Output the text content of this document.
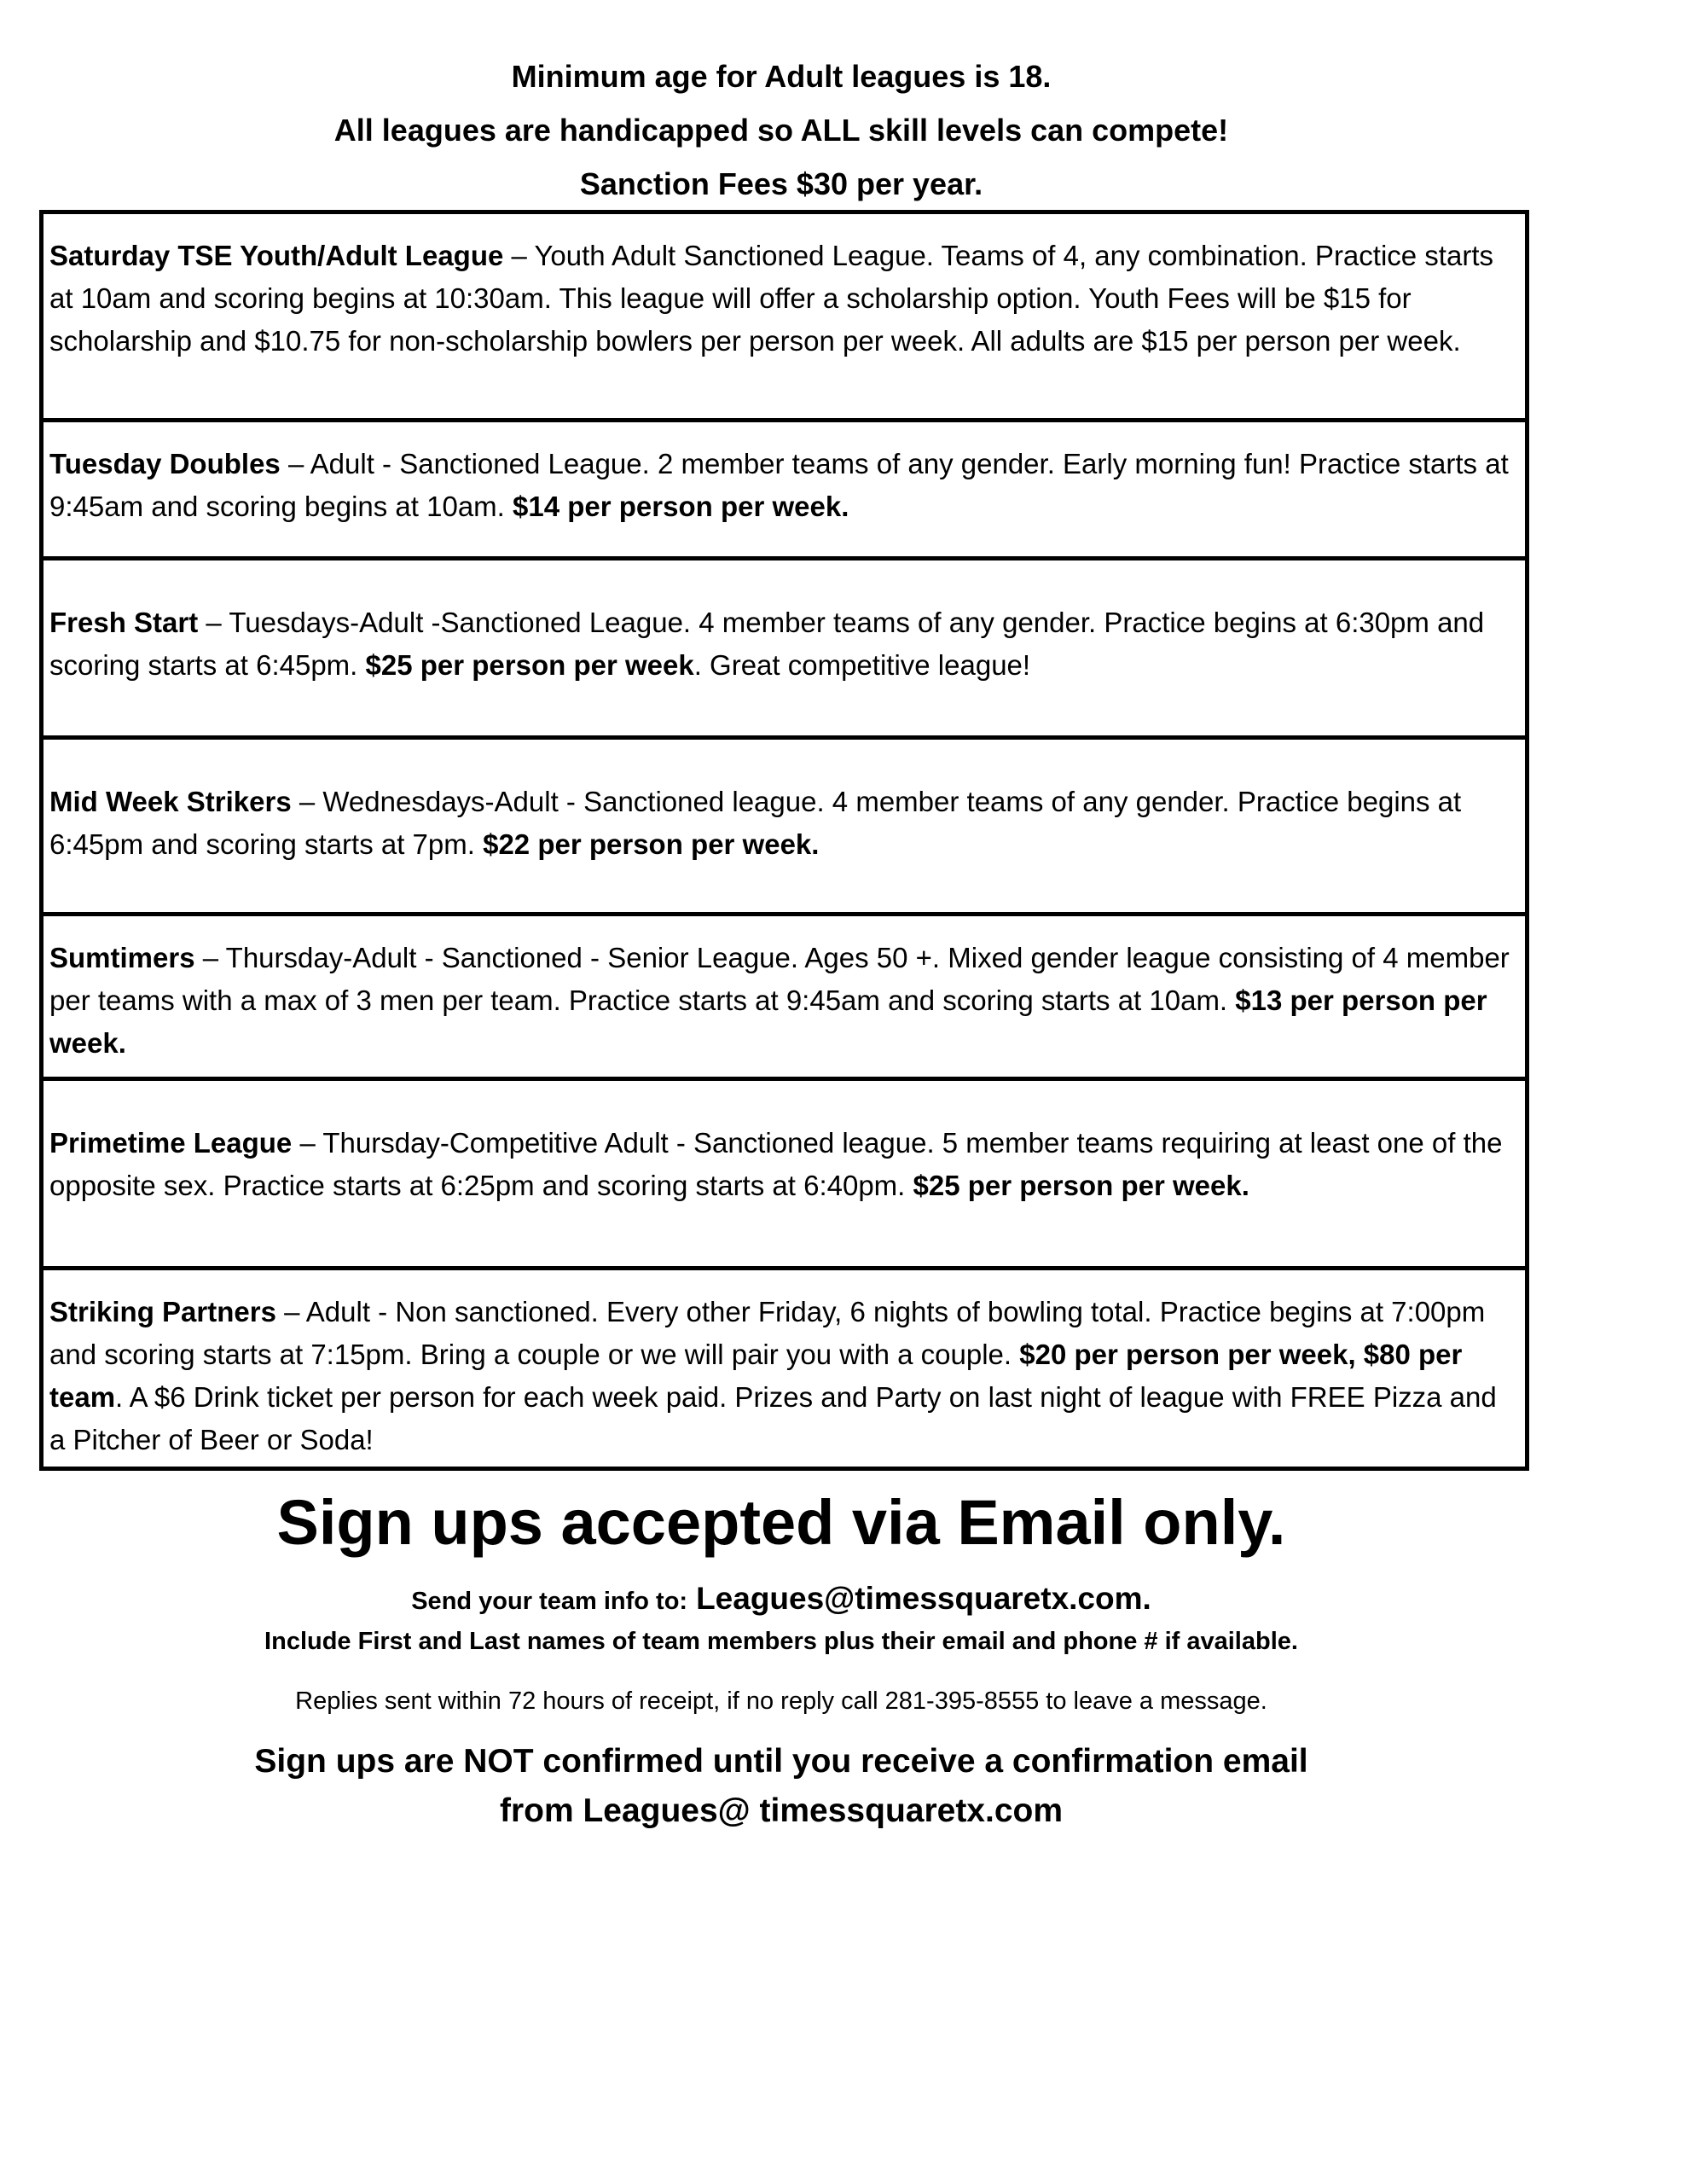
Minimum age for Adult leagues is 18.
All leagues are handicapped so ALL skill levels can compete!
Sanction Fees $30 per year.
Saturday TSE Youth/Adult League – Youth Adult Sanctioned League. Teams of 4, any combination. Practice starts at 10am and scoring begins at 10:30am. This league will offer a scholarship option. Youth Fees will be $15 for scholarship and $10.75 for non-scholarship bowlers per person per week. All adults are $15 per person per week.
Tuesday Doubles – Adult - Sanctioned League. 2 member teams of any gender. Early morning fun! Practice starts at 9:45am and scoring begins at 10am. $14 per person per week.
Fresh Start – Tuesdays-Adult -Sanctioned League. 4 member teams of any gender. Practice begins at 6:30pm and scoring starts at 6:45pm. $25 per person per week. Great competitive league!
Mid Week Strikers – Wednesdays-Adult - Sanctioned league. 4 member teams of any gender. Practice begins at 6:45pm and scoring starts at 7pm. $22 per person per week.
Sumtimers – Thursday-Adult - Sanctioned - Senior League. Ages 50 +. Mixed gender league consisting of 4 member per teams with a max of 3 men per team. Practice starts at 9:45am and scoring starts at 10am. $13 per person per week.
Primetime League – Thursday-Competitive Adult - Sanctioned league. 5 member teams requiring at least one of the opposite sex. Practice starts at 6:25pm and scoring starts at 6:40pm. $25 per person per week.
Striking Partners – Adult - Non sanctioned. Every other Friday, 6 nights of bowling total. Practice begins at 7:00pm and scoring starts at 7:15pm. Bring a couple or we will pair you with a couple. $20 per person per week, $80 per team. A $6 Drink ticket per person for each week paid. Prizes and Party on last night of league with FREE Pizza and a Pitcher of Beer or Soda!
Sign ups accepted via Email only.
Send your team info to: Leagues@timessquaretx.com.
Include First and Last names of team members plus their email and phone # if available.
Replies sent within 72 hours of receipt, if no reply call 281-395-8555 to leave a message.
Sign ups are NOT confirmed until you receive a confirmation email
from Leagues@ timessquaretx.com
